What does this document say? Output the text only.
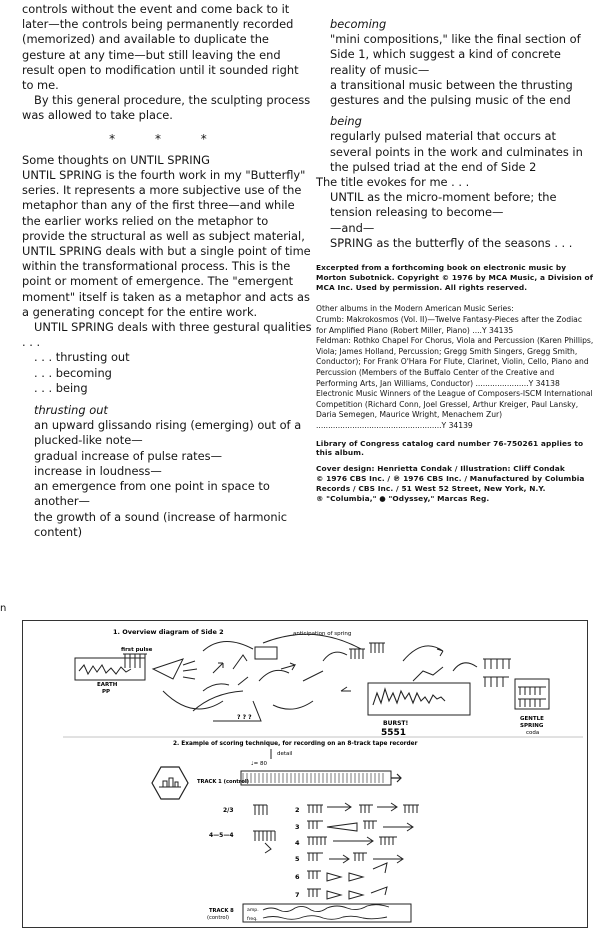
controls without the event and come back to it later—the controls being permanently recorded (memorized) and available to duplicate the gesture at any time—but still leaving the end result open to modification until it sounded right to me.

By this general procedure, the sculpting process was allowed to take place.

* * *

Some thoughts on UNTIL SPRING

UNTIL SPRING is the fourth work in my "Butterfly" series. It represents a more subjective use of the metaphor than any of the first three—and while the earlier works relied on the metaphor to provide the structural as well as subject material, UNTIL SPRING deals with but a single point of time within the transformational process. This is the point or moment of emergence. The "emergent moment" itself is taken as a metaphor and acts as a generating concept for the entire work.

UNTIL SPRING deals with three gestural qualities . . .

. . . thrusting out

. . . becoming

. . . being

thrusting out

an upward glissando rising (emerging) out of a plucked-like note—

gradual increase of pulse rates—

increase in loudness—

an emergence from one point in space to another—

the growth of a sound (increase of harmonic content)

n

becoming

"mini compositions," like the final section of Side 1, which suggest a kind of concrete reality of music—

a transitional music between the thrusting gestures and the pulsing music of the end

being

regularly pulsed material that occurs at several points in the work and culminates in the pulsed triad at the end of Side 2

The title evokes for me . . .

UNTIL as the micro-moment before; the tension releasing to become—

—and—

SPRING as the butterfly of the seasons . . .

Excerpted from a forthcoming book on electronic music by Morton Subotnick. Copyright © 1976 by MCA Music, a Division of MCA Inc. Used by permission. All rights reserved.

Other albums in the Modern American Music Series:

Crumb: Makrokosmos (Vol. II)—Twelve Fantasy-Pieces after the Zodiac for Amplified Piano (Robert Miller, Piano) ....Y 34135

Feldman: Rothko Chapel For Chorus, Viola and Percussion (Karen Phillips, Viola; James Holland, Percussion; Gregg Smith Singers, Gregg Smith, Conductor); For Frank O'Hara For Flute, Clarinet, Violin, Cello, Piano and Percussion (Members of the Buffalo Center of the Creative and Performing Arts, Jan Williams, Conductor) ......................Y 34138

Electronic Music Winners of the League of Composers-ISCM International Competition (Richard Conn, Joel Gressel, Arthur Kreiger, Paul Lansky, Daria Semegen, Maurice Wright, Menachem Zur) ....................................................Y 34139

Library of Congress catalog card number 76-750261 applies to this album.

Cover design: Henrietta Condak / Illustration: Cliff Condak

© 1976 CBS Inc. / ℗ 1976 CBS Inc. / Manufactured by Columbia Records / CBS Inc. / 51 West 52 Street, New York, N.Y.

® "Columbia," ● "Odyssey," Marcas Reg.

1. Overview diagram of Side 2	anticipation of spring
first pulse
EARTH
PP
BURST!
5551
GENTLE
SPRING
coda
? ? ?
2. Example of scoring technique, for recording on an 8-track tape recorder
detail
♩= 80
TRACK 1 (control)
2/3
4—5—4
2
3
4
5
6
7
TRACK 8
(control)
amp.
freq.
